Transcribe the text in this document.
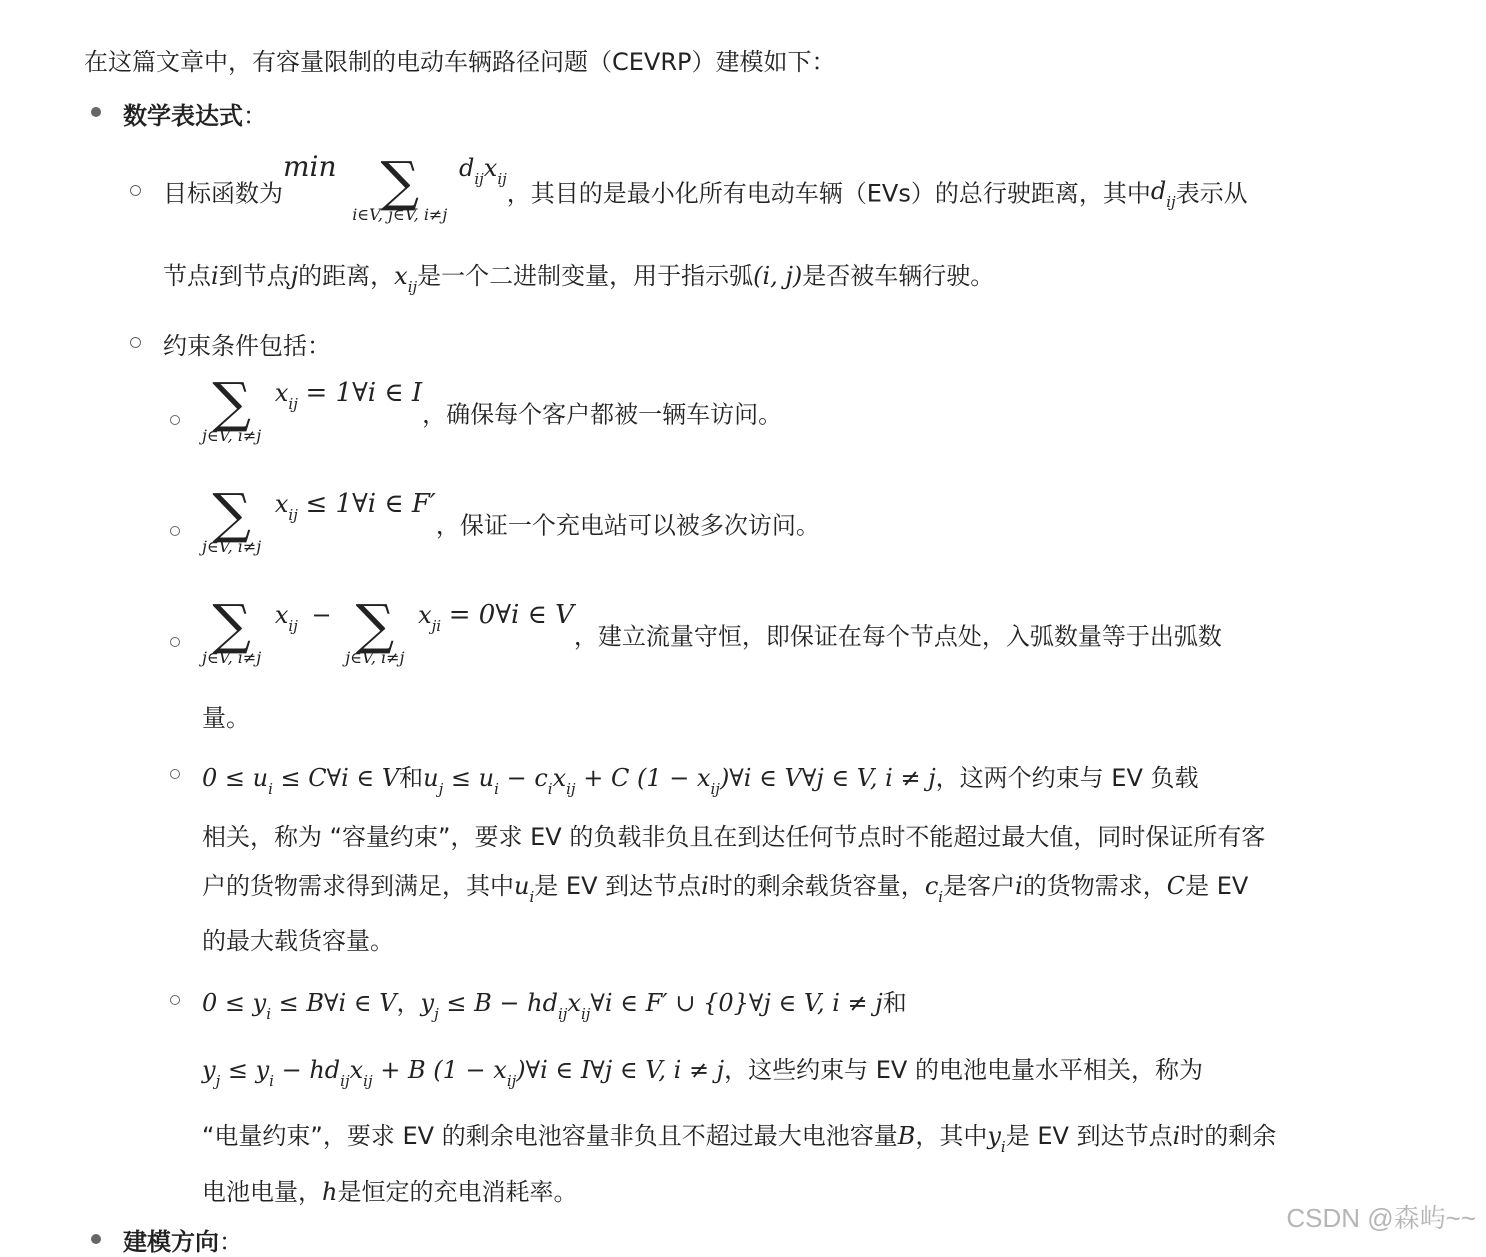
在这篇文章中，有容量限制的电动车辆路径问题（CEVRP）建模如下：
数学表达式：
目标函数为min ∑
i∈V, j∈V, i≠j
$d_{ij}x_{ij}$，其目的是最小化所有电动车辆（EVs）的总行驶距离，其中$d_{ij}$表示从
节点i到节点j的距离，$x_{ij}$是一个二进制变量，用于指示弧(i, j)是否被车辆行驶。
约束条件包括：
∑
j∈V, i≠j
$x_{ij}$ = 1∀i ∈ I，确保每个客户都被一辆车访问。
∑
j∈V, i≠j
$x_{ij}$ ≤ 1∀i ∈ F′，保证一个充电站可以被多次访问。
∑
j∈V, i≠j
$x_{ij}$ − ∑
j∈V, i≠j
$x_{ji}$ = 0∀i ∈ V，建立流量守恒，即保证在每个节点处，入弧数量等于出弧数
量。
$0 \le u_i$ ≤ C∀i ∈ V和$u_j \le u_i - c_ix_{ij} + C$ $(1 - x_{ij})\forall i$ ∈ V∀j ∈ V, i ≠ j，这两个约束与 EV 负载
相关，称为 “容量约束”，要求 EV 的负载非负且在到达任何节点时不能超过最大值，同时保证所有客
户的货物需求得到满足，其中$u_i$是 EV 到达节点i时的剩余载货容量，$c_i$是客户i的货物需求，C是 EV
的最大载货容量。
$0 \le y_i$ ≤ B∀i ∈ V，$y_j \le B$ − $hd_{ij}x_{ij}\forall i$ ∈ F′ ∪ {0}∀j ∈ V, i ≠ j和
$y_j \le y_i - hd_{ij}x_{ij} + B$ $(1 - x_{ij})\forall i$ ∈ I∀j ∈ V, i ≠ j，这些约束与 EV 的电池电量水平相关，称为
“电量约束”，要求 EV 的剩余电池容量非负且不超过最大电池容量B，其中$y_i$是 EV 到达节点i时的剩余
电池电量，h是恒定的充电消耗率。
建模方向：
CSDN @森屿~~
